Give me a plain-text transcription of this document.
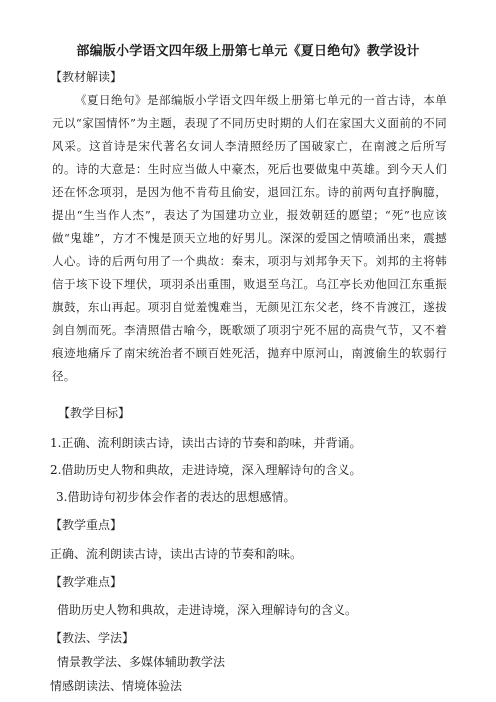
部编版小学语文四年级上册第七单元《夏日绝句》教学设计
【教材解读】
《夏日绝句》是部编版小学语文四年级上册第七单元的一首古诗，本单元以“家国情怀”为主题，表现了不同历史时期的人们在家国大义面前的不同风采。这首诗是宋代著名女词人李清照经历了国破家亡，在南渡之后所写的。诗的大意是：生时应当做人中豪杰，死后也要做鬼中英雄。到今天人们还在怀念项羽，是因为他不肯苟且偷安，退回江东。诗的前两句直抒胸臆，提出“生当作人杰”，表达了为国建功立业，报效朝廷的愿望；“死”也应该做“鬼雄”，方才不愧是顶天立地的好男儿。深深的爱国之情喷涌出来，震撼人心。诗的后两句用了一个典故：秦末，项羽与刘邦争天下。刘邦的主将韩信于垓下设下埋伏，项羽杀出重围，败退至乌江。乌江亭长劝他回江东重振旗鼓，东山再起。项羽自觉羞愧难当，无颜见江东父老，终不肯渡江，遂拔剑自刎而死。李清照借古喻今，既歌颂了项羽宁死不屈的高贵气节，又不着痕迹地痛斥了南宋统治者不顾百姓死活，抛弃中原河山，南渡偷生的软弱行径。
【教学目标】
1.正确、流利朗读古诗，读出古诗的节奏和韵味，并背诵。
2.借助历史人物和典故，走进诗境，深入理解诗句的含义。
3.借助诗句初步体会作者的表达的思想感情。
【教学重点】
正确、流利朗读古诗，读出古诗的节奏和韵味。
【教学难点】
借助历史人物和典故，走进诗境，深入理解诗句的含义。
【教法、学法】
情景教学法、多媒体辅助教学法
情感朗读法、情境体验法
